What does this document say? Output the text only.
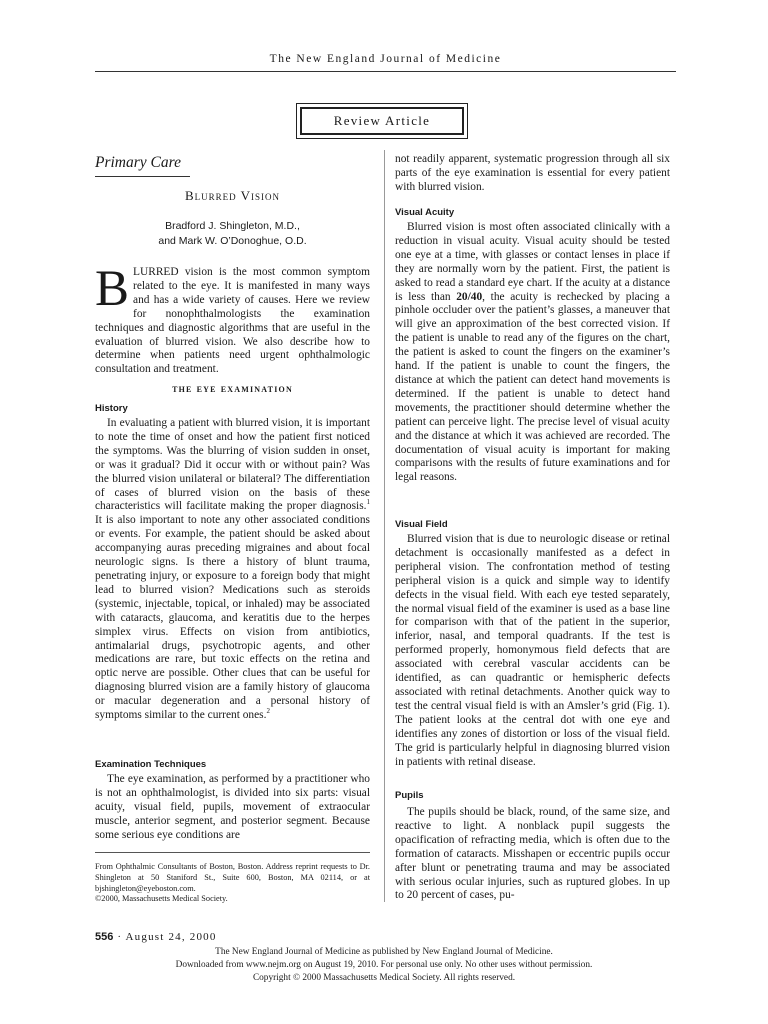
The New England Journal of Medicine
Review Article
Primary Care
Blurred Vision
Bradford J. Shingleton, M.D.,
and Mark W. O’Donoghue, O.D.

BLURRED vision is the most common symptom related to the eye. It is manifested in many ways and has a wide variety of causes. Here we review for nonophthalmologists the examination techniques and diagnostic algorithms that are useful in the evaluation of blurred vision. We also describe how to determine when patients need urgent ophthalmologic consultation and treatment.

the eye examination
History

In evaluating a patient with blurred vision, it is important to note the time of onset and how the patient first noticed the symptoms. Was the blurring of vision sudden in onset, or was it gradual? Did it occur with or without pain? Was the blurred vision unilateral or bilateral? The differentiation of cases of blurred vision on the basis of these characteristics will facilitate making the proper diagnosis.$^1$ It is also important to note any other associated conditions or events. For example, the patient should be asked about accompanying auras preceding migraines and about focal neurologic signs. Is there a history of blunt trauma, penetrating injury, or exposure to a foreign body that might lead to blurred vision? Medications such as steroids (systemic, injectable, topical, or inhaled) may be associated with cataracts, glaucoma, and keratitis due to the herpes simplex virus. Effects on vision from antibiotics, antimalarial drugs, psychotropic agents, and other medications are rare, but toxic effects on the retina and optic nerve are possible. Other clues that can be useful for diagnosing blurred vision are a family history of glaucoma or macular degeneration and a personal history of symptoms similar to the current ones.$^2$

Examination Techniques

The eye examination, as performed by a practitioner who is not an ophthalmologist, is divided into six parts: visual acuity, visual field, pupils, movement of extraocular muscle, anterior segment, and posterior segment. Because some serious eye conditions are

From Ophthalmic Consultants of Boston, Boston. Address reprint requests to Dr. Shingleton at 50 Staniford St., Suite 600, Boston, MA 02114, or at bjshingleton@eyeboston.com.

©2000, Massachusetts Medical Society.

not readily apparent, systematic progression through all six parts of the eye examination is essential for every patient with blurred vision.

Visual Acuity

Blurred vision is most often associated clinically with a reduction in visual acuity. Visual acuity should be tested one eye at a time, with glasses or contact lenses in place if they are normally worn by the patient. First, the patient is asked to read a standard eye chart. If the acuity at a distance is less than 20/40, the acuity is rechecked by placing a pinhole occluder over the patient’s glasses, a maneuver that will give an approximation of the best corrected vision. If the patient is unable to read any of the figures on the chart, the patient is asked to count the fingers on the examiner’s hand. If the patient is unable to count the fingers, the distance at which the patient can detect hand movements is determined. If the patient is unable to detect hand movements, the practitioner should determine whether the patient can perceive light. The precise level of visual acuity and the distance at which it was achieved are recorded. The documentation of visual acuity is important for making comparisons with the results of future examinations and for legal reasons.

Visual Field

Blurred vision that is due to neurologic disease or retinal detachment is occasionally manifested as a defect in peripheral vision. The confrontation method of testing peripheral vision is a quick and simple way to identify defects in the visual field. With each eye tested separately, the normal visual field of the examiner is used as a base line for comparison with that of the patient in the superior, inferior, nasal, and temporal quadrants. If the test is performed properly, homonymous field defects that are associated with cerebral vascular accidents can be identified, as can quadrantic or hemispheric defects associated with retinal detachments. Another quick way to test the central visual field is with an Amsler’s grid (Fig. 1). The patient looks at the central dot with one eye and identifies any zones of distortion or loss of the visual field. The grid is particularly helpful in diagnosing blurred vision in patients with retinal disease.

Pupils

The pupils should be black, round, of the same size, and reactive to light. A nonblack pupil suggests the opacification of refracting media, which is often due to the formation of cataracts. Misshapen or eccentric pupils occur after blunt or penetrating trauma and may be associated with serious ocular injuries, such as ruptured globes. In up to 20 percent of cases, pu-

556 · August 24, 2000
The New England Journal of Medicine as published by New England Journal of Medicine.
Downloaded from www.nejm.org on August 19, 2010. For personal use only. No other uses without permission.
Copyright © 2000 Massachusetts Medical Society. All rights reserved.
